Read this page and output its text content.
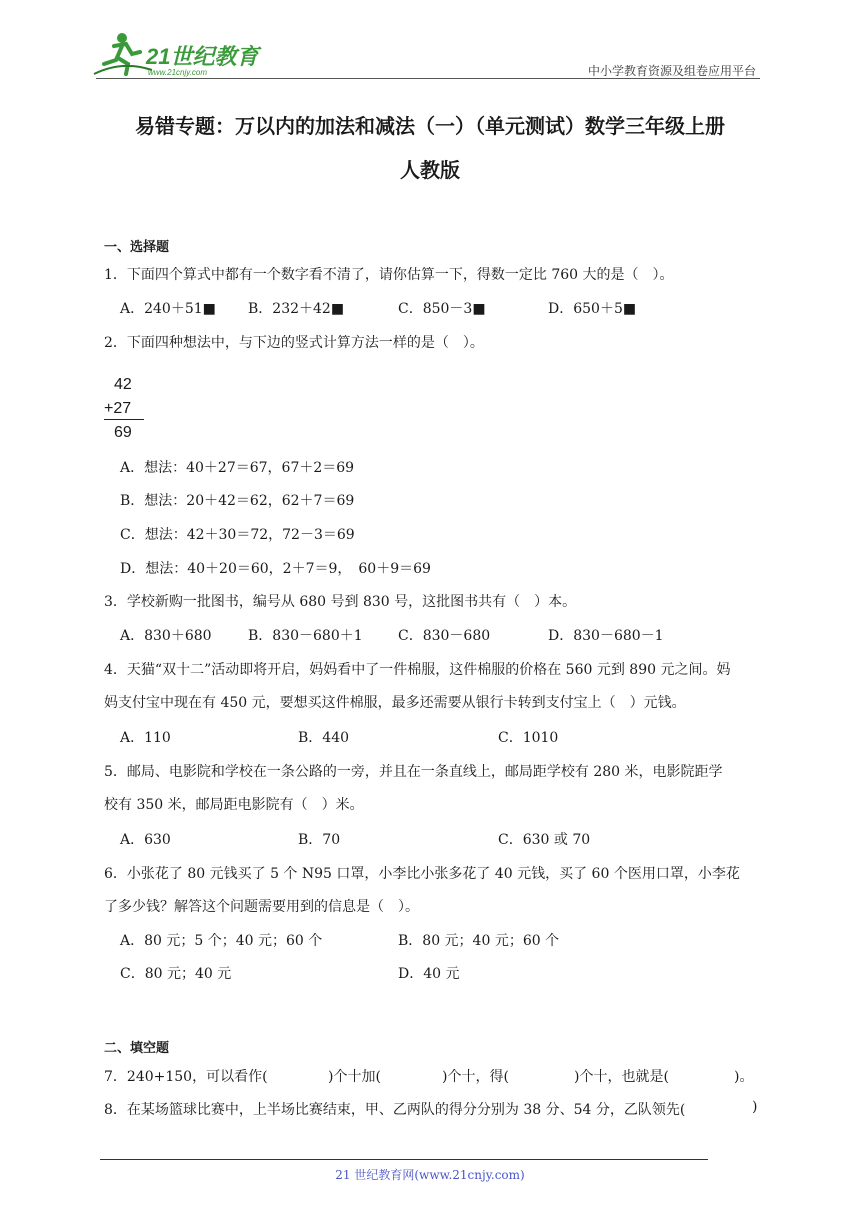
21世纪教育
www.21cnjy.com	中小学教育资源及组卷应用平台
易错专题：万以内的加法和减法（一）（单元测试）数学三年级上册
人教版
一、选择题
1．下面四个算式中都有一个数字看不清了，请你估算一下，得数一定比 760 大的是（　）。
A．240＋51■ B．232＋42■	C．850－3■	D．650＋5■
2．下面四种想法中，与下边的竖式计算方法一样的是（　）。
42
+27
69
A．想法：40＋27＝67，67＋2＝69
B．想法：20＋42＝62，62＋7＝69
C．想法：42＋30＝72，72－3＝69
D．想法：40＋20＝60，2＋7＝9，　60＋9＝69
3．学校新购一批图书，编号从 680 号到 830 号，这批图书共有（　）本。
A．830＋680	B．830－680＋1	C．830－680	D．830－680－1
4．天猫“双十二”活动即将开启，妈妈看中了一件棉服，这件棉服的价格在 560 元到 890 元之间。妈
妈支付宝中现在有 450 元，要想买这件棉服，最多还需要从银行卡转到支付宝上（　）元钱。
A．110	B．440	C．1010
5．邮局、电影院和学校在一条公路的一旁，并且在一条直线上，邮局距学校有 280 米，电影院距学
校有 350 米，邮局距电影院有（　）米。
A．630	B．70	C．630 或 70
6．小张花了 80 元钱买了 5 个 N95 口罩，小李比小张多花了 40 元钱，买了 60 个医用口罩，小李花
了多少钱？解答这个问题需要用到的信息是（　）。
A．80 元；5 个；40 元；60 个	B．80 元；40 元；60 个
C．80 元；40 元	D．40 元
二、填空题
7．240+150，可以看作(	)个十加(	)个十，得(	)个十，也就是(	)。
8．在某场篮球比赛中，上半场比赛结束，甲、乙两队的得分分别为 38 分、54 分，乙队领先(	)
21 世纪教育网(www.21cnjy.com)
